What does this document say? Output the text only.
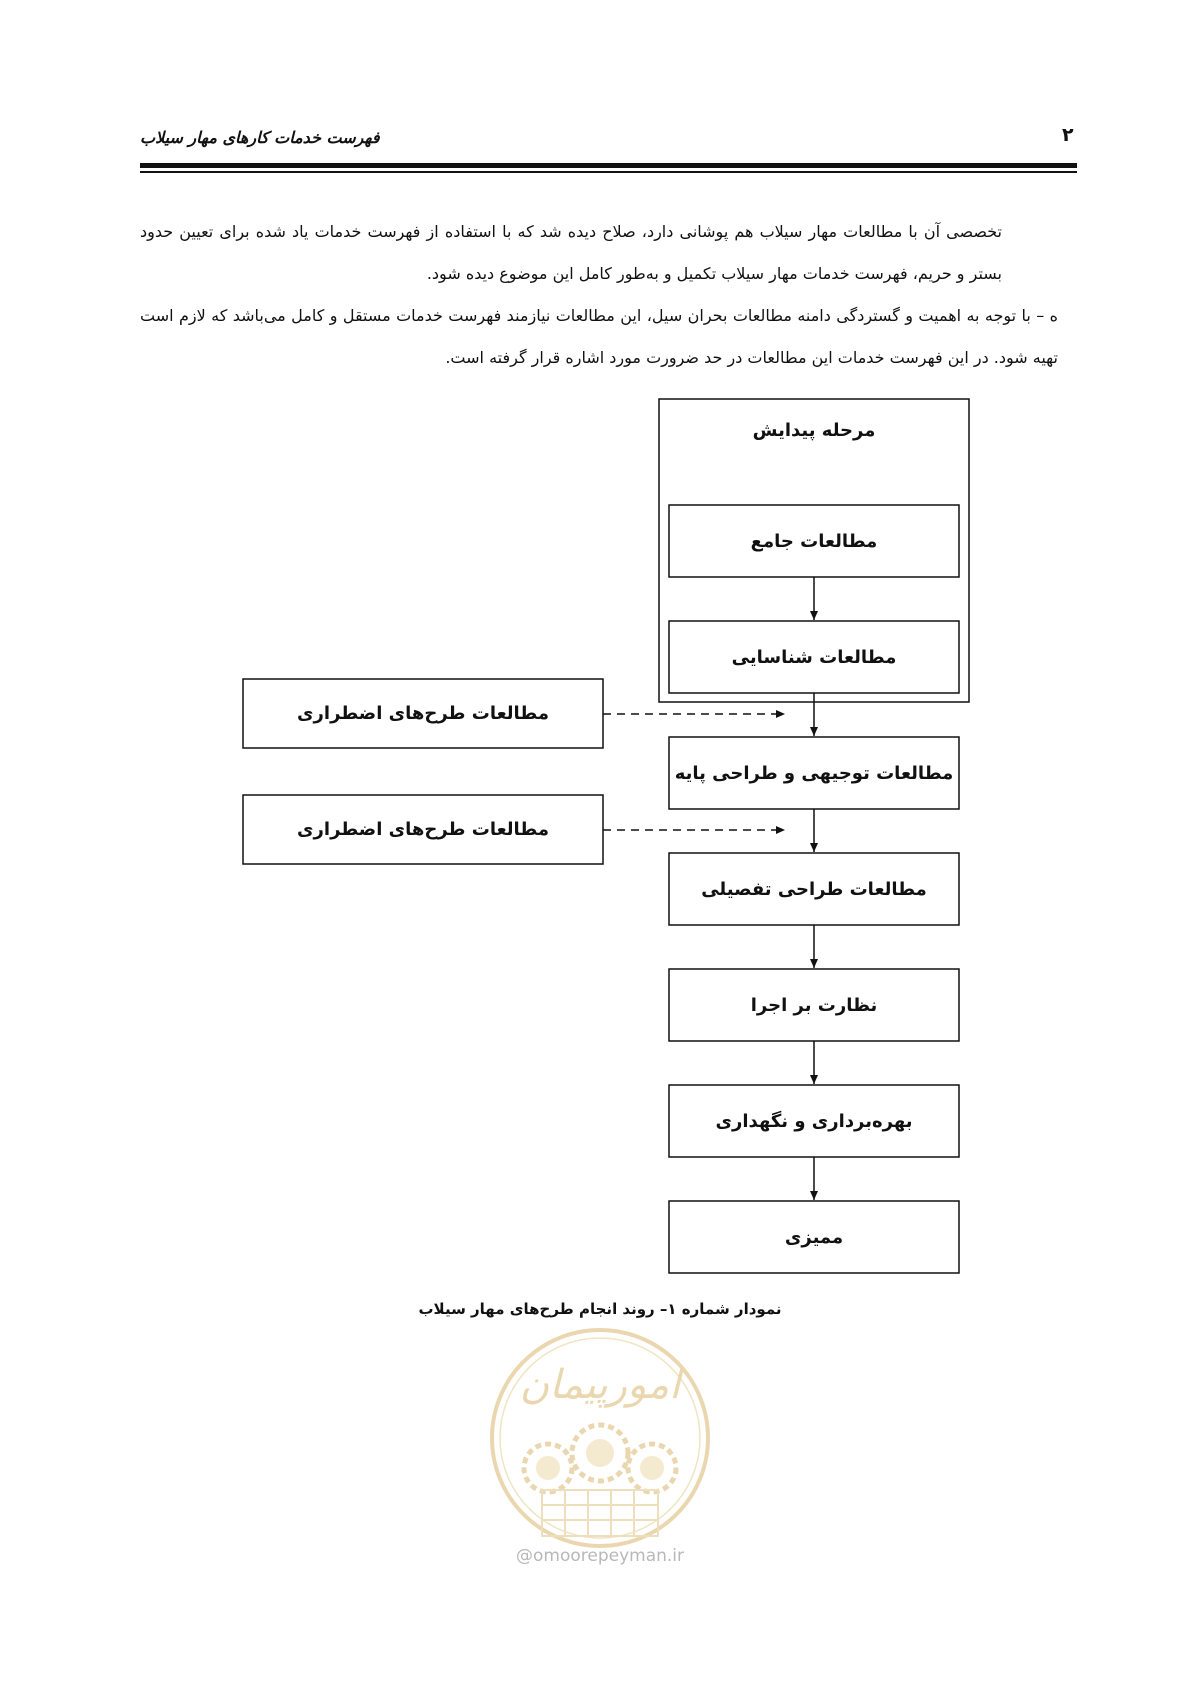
فهرست خدمات کارهای مهار سیلاب	۲
تخصصی آن با مطالعات مهار سیلاب هم پوشانی دارد، صلاح دیده شد که با استفاده از فهرست خدمات یاد شده برای تعیین حدود بستر و حریم، فهرست خدمات مهار سیلاب تکمیل و به‌طور کامل این موضوع دیده شود.
ه – با توجه به اهمیت و گستردگی دامنه مطالعات بحران سیل، این مطالعات نیازمند فهرست خدمات مستقل و کامل می‌باشد که لازم است تهیه شود. در این فهرست خدمات این مطالعات در حد ضرورت مورد اشاره قرار گرفته است.
مرحله پیدایش
مطالعات جامع
مطالعات شناسایی
مطالعات توجیهی و طراحی پایه
مطالعات طراحی تفصیلی
نظارت بر اجرا
بهره‌برداری و نگهداری
ممیزی
مطالعات طرح‌های اضطراری
مطالعات طرح‌های اضطراری
نمودار شماره ۱– روند انجام طرح‌های مهار سیلاب
امورپیمان
@omoorepeyman.ir
